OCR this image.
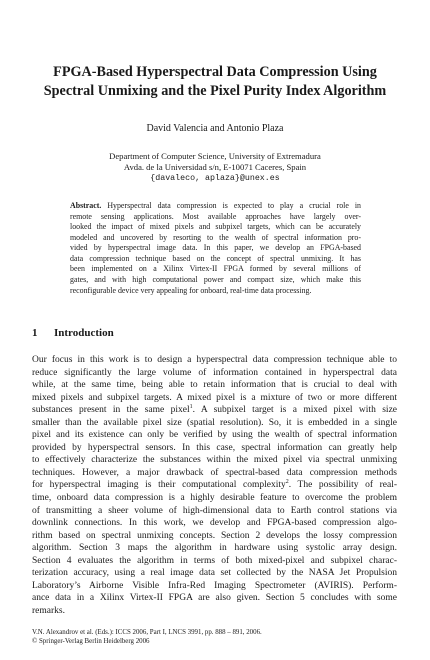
FPGA-Based Hyperspectral Data Compression Using
Spectral Unmixing and the Pixel Purity Index Algorithm
David Valencia and Antonio Plaza
Department of Computer Science, University of Extremadura
Avda. de la Universidad s/n, E-10071 Caceres, Spain
{davaleco, aplaza}@unex.es
Abstract. Hyperspectral data compression is expected to play a crucial role in
remote sensing applications. Most available approaches have largely over-
looked the impact of mixed pixels and subpixel targets, which can be accurately
modeled and uncovered by resorting to the wealth of spectral information pro-
vided by hyperspectral image data. In this paper, we develop an FPGA-based
data compression technique based on the concept of spectral unmixing. It has
been implemented on a Xilinx Virtex-II FPGA formed by several millions of
gates, and with high computational power and compact size, which make this
reconfigurable device very appealing for onboard, real-time data processing.
1 Introduction
Our focus in this work is to design a hyperspectral data compression technique able to
reduce significantly the large volume of information contained in hyperspectral data
while, at the same time, being able to retain information that is crucial to deal with
mixed pixels and subpixel targets. A mixed pixel is a mixture of two or more different
substances present in the same pixel$^1$. A subpixel target is a mixed pixel with size
smaller than the available pixel size (spatial resolution). So, it is embedded in a single
pixel and its existence can only be verified by using the wealth of spectral information
provided by hyperspectral sensors. In this case, spectral information can greatly help
to effectively characterize the substances within the mixed pixel via spectral unmixing
techniques. However, a major drawback of spectral-based data compression methods
for hyperspectral imaging is their computational complexity$^2$. The possibility of real-
time, onboard data compression is a highly desirable feature to overcome the problem
of transmitting a sheer volume of high-dimensional data to Earth control stations via
downlink connections. In this work, we develop and FPGA-based compression algo-
rithm based on spectral unmixing concepts. Section 2 develops the lossy compression
algorithm. Section 3 maps the algorithm in hardware using systolic array design.
Section 4 evaluates the algorithm in terms of both mixed-pixel and subpixel charac-
terization accuracy, using a real image data set collected by the NASA Jet Propulsion
Laboratory’s Airborne Visible Infra-Red Imaging Spectrometer (AVIRIS). Perform-
ance data in a Xilinx Virtex-II FPGA are also given. Section 5 concludes with some
remarks.
V.N. Alexandrov et al. (Eds.): ICCS 2006, Part I, LNCS 3991, pp. 888 – 891, 2006.
© Springer-Verlag Berlin Heidelberg 2006
